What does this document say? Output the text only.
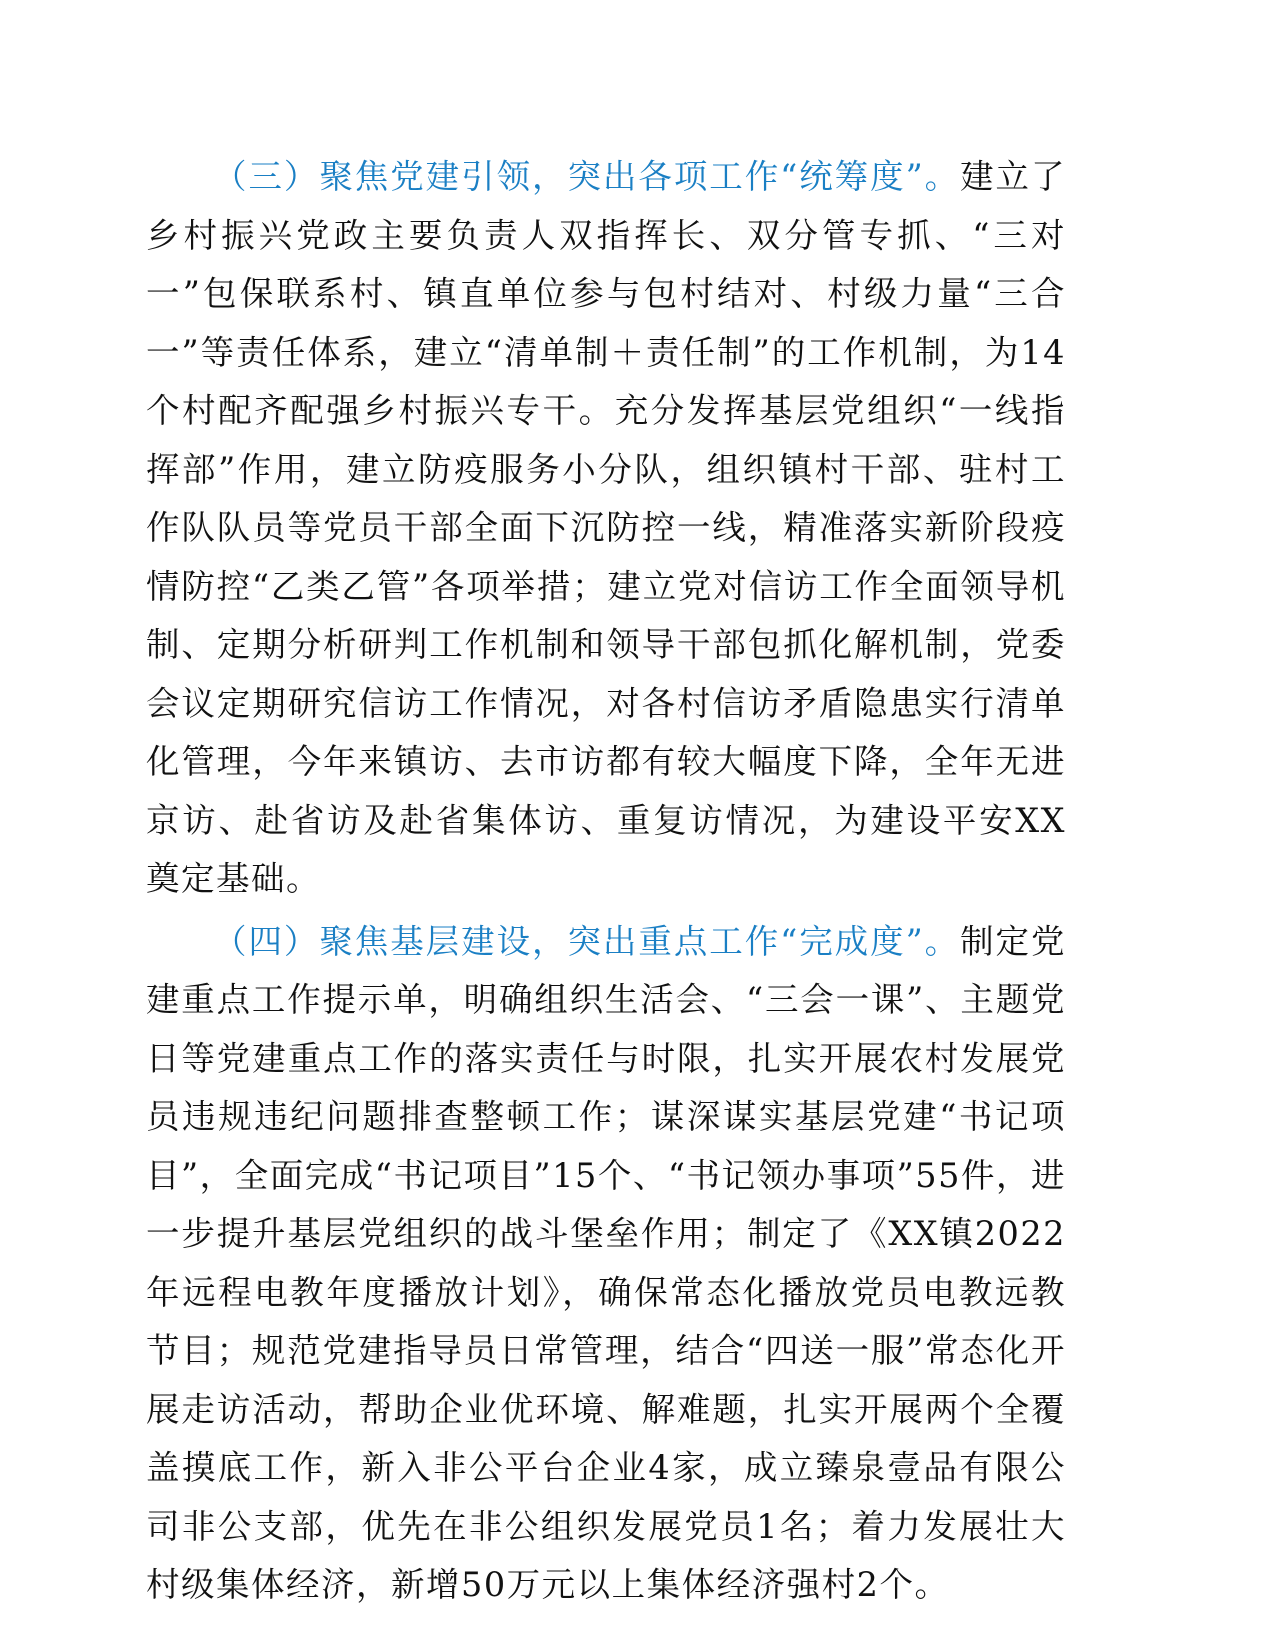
（三）聚焦党建引领，突出各项工作“统筹度”。建立了乡村振兴党政主要负责人双指挥长、双分管专抓、“三对一”包保联系村、镇直单位参与包村结对、村级力量“三合一”等责任体系，建立“清单制＋责任制”的工作机制，为14个村配齐配强乡村振兴专干。充分发挥基层党组织“一线指挥部”作用，建立防疫服务小分队，组织镇村干部、驻村工作队队员等党员干部全面下沉防控一线，精准落实新阶段疫情防控“乙类乙管”各项举措；建立党对信访工作全面领导机制、定期分析研判工作机制和领导干部包抓化解机制，党委会议定期研究信访工作情况，对各村信访矛盾隐患实行清单化管理，今年来镇访、去市访都有较大幅度下降，全年无进京访、赴省访及赴省集体访、重复访情况，为建设平安XX奠定基础。

（四）聚焦基层建设，突出重点工作“完成度”。制定党建重点工作提示单，明确组织生活会、“三会一课”、主题党日等党建重点工作的落实责任与时限，扎实开展农村发展党员违规违纪问题排查整顿工作；谋深谋实基层党建“书记项目”，全面完成“书记项目”15个、“书记领办事项”55件，进一步提升基层党组织的战斗堡垒作用；制定了《XX镇2022年远程电教年度播放计划》，确保常态化播放党员电教远教节目；规范党建指导员日常管理，结合“四送一服”常态化开展走访活动，帮助企业优环境、解难题，扎实开展两个全覆盖摸底工作，新入非公平台企业4家，成立臻泉壹品有限公司非公支部，优先在非公组织发展党员1名；着力发展壮大村级集体经济，新增50万元以上集体经济强村2个。
